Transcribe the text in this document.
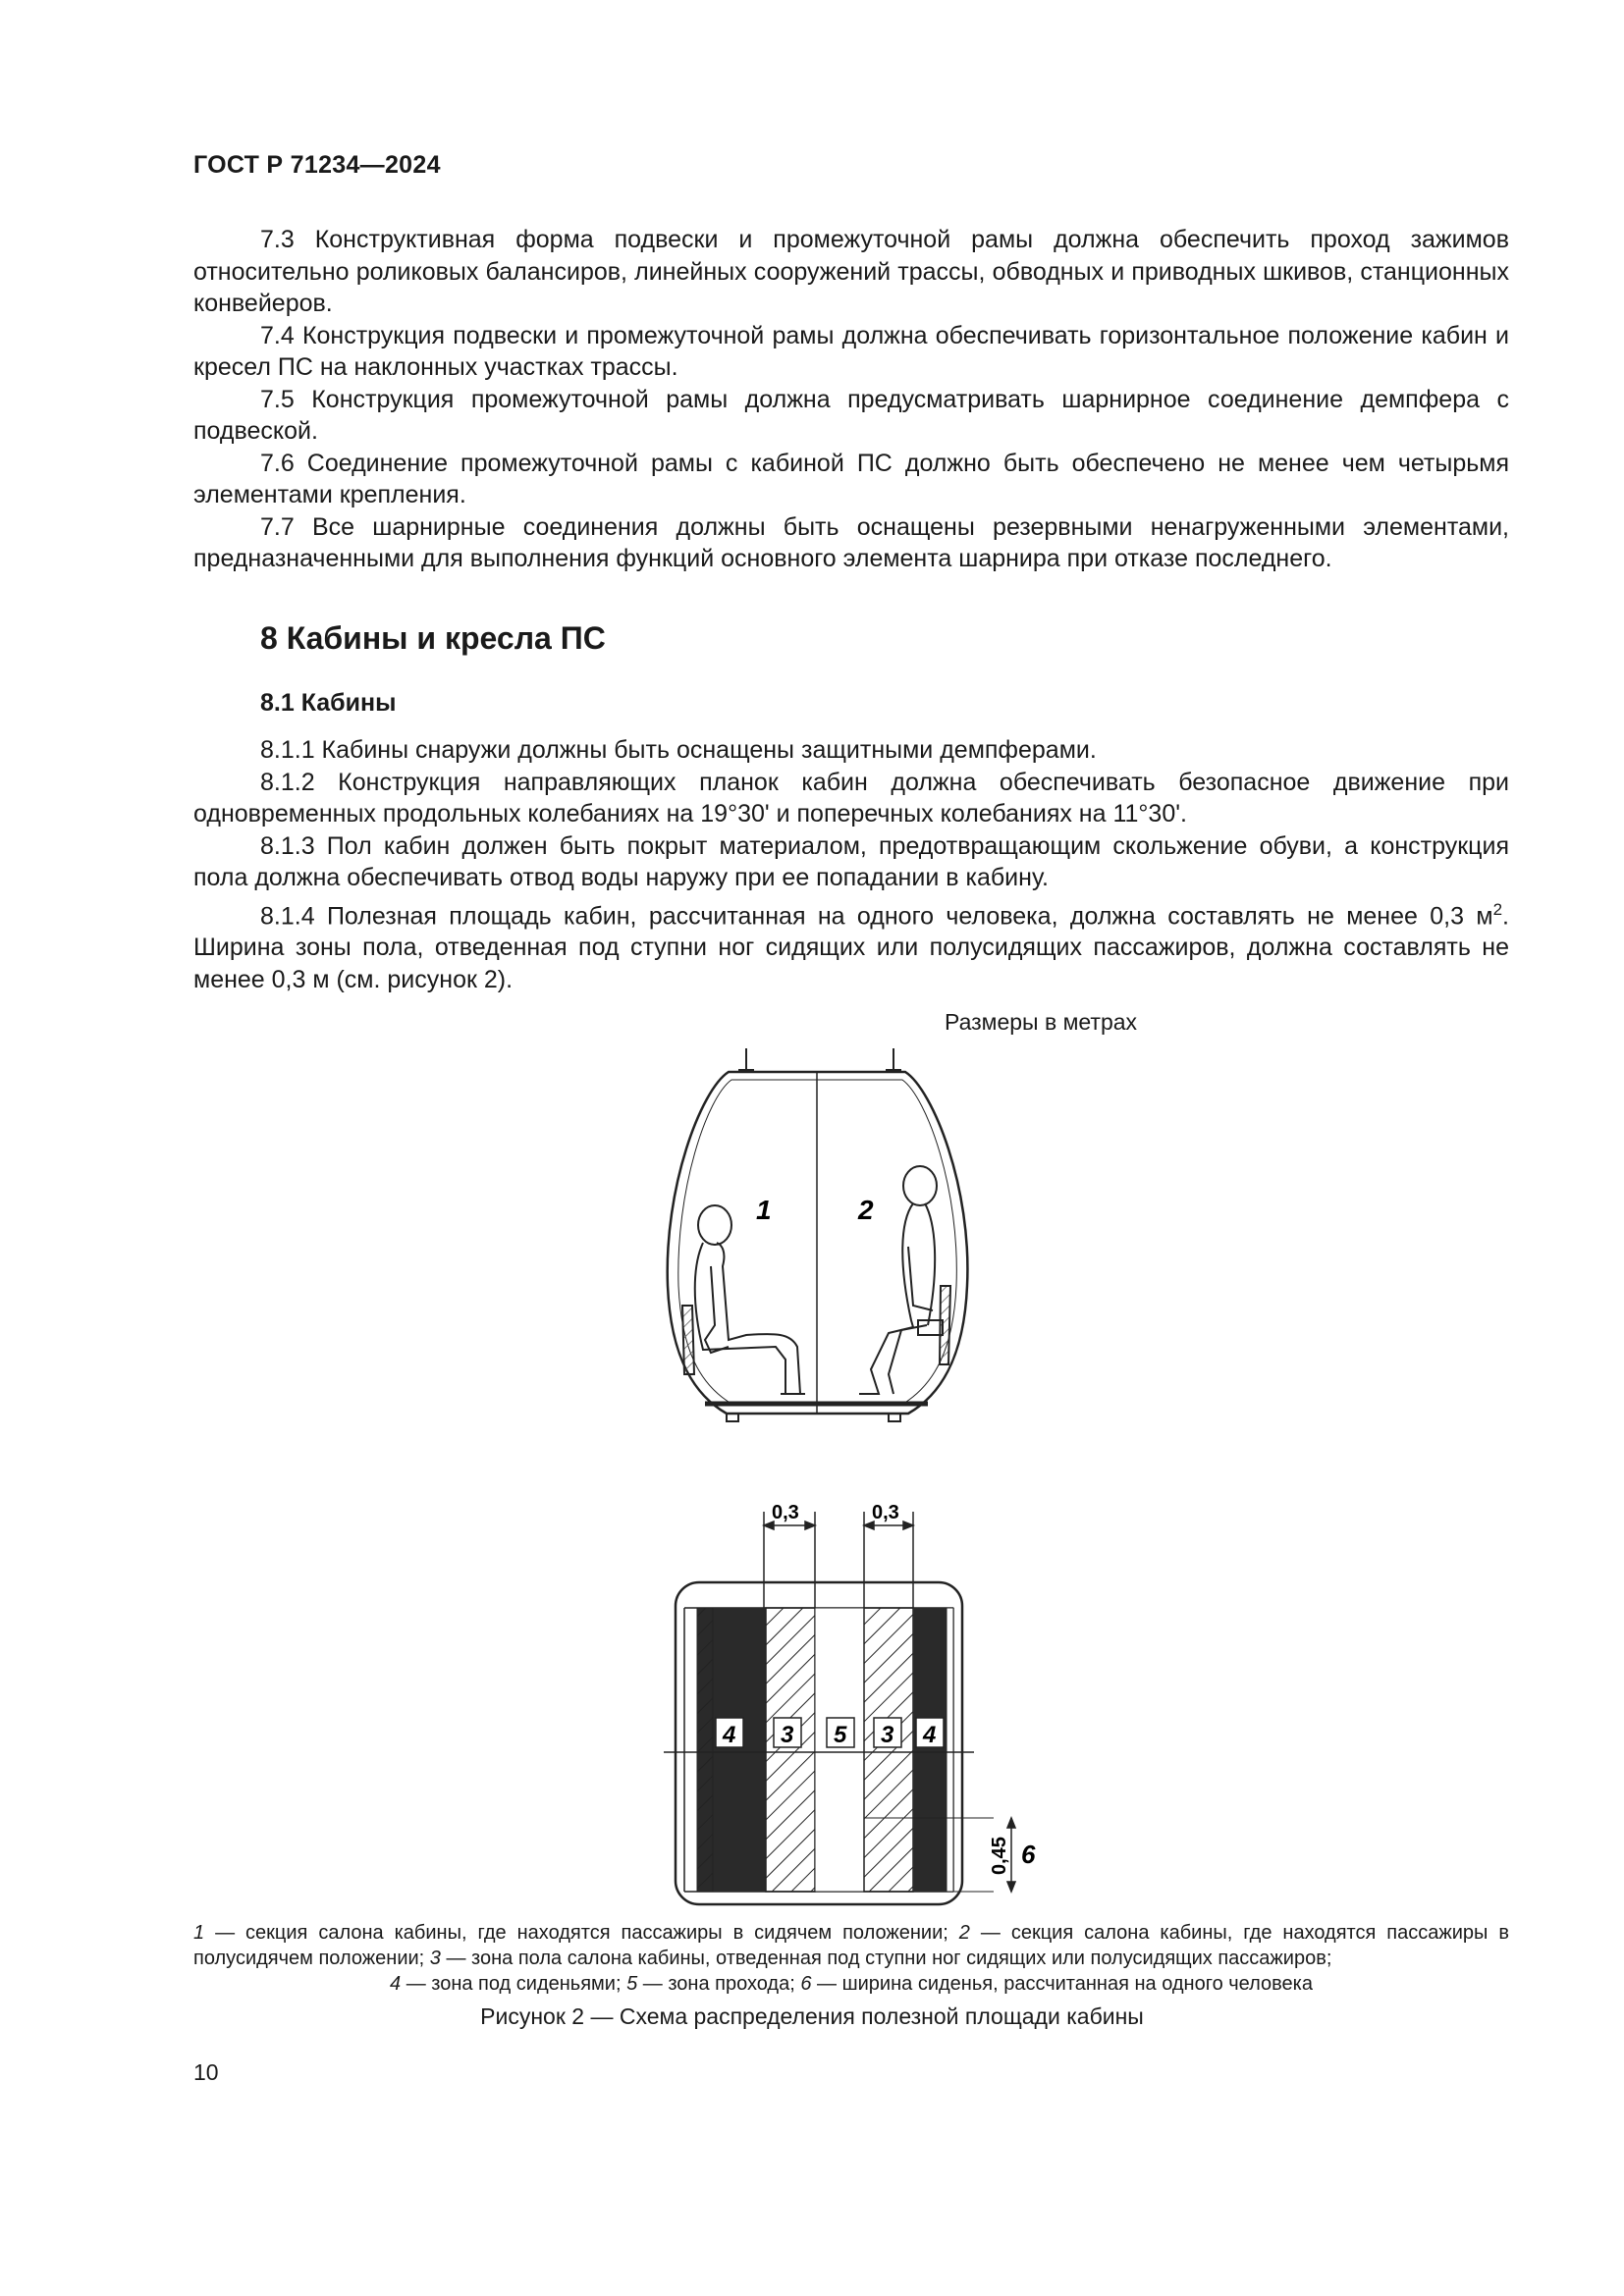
ГОСТ Р 71234—2024

7.3 Конструктивная форма подвески и промежуточной рамы должна обеспечить проход зажимов относительно роликовых балансиров, линейных сооружений трассы, обводных и приводных шкивов, станционных конвейеров.

7.4 Конструкция подвески и промежуточной рамы должна обеспечивать горизонтальное положение кабин и кресел ПС на наклонных участках трассы.

7.5 Конструкция промежуточной рамы должна предусматривать шарнирное соединение демпфера с подвеской.

7.6 Соединение промежуточной рамы с кабиной ПС должно быть обеспечено не менее чем четырьмя элементами крепления.

7.7 Все шарнирные соединения должны быть оснащены резервными ненагруженными элементами, предназначенными для выполнения функций основного элемента шарнира при отказе последнего.

8 Кабины и кресла ПС
8.1 Кабины

8.1.1 Кабины снаружи должны быть оснащены защитными демпферами.

8.1.2 Конструкция направляющих планок кабин должна обеспечивать безопасное движение при одновременных продольных колебаниях на 19°30' и поперечных колебаниях на 11°30'.

8.1.3 Пол кабин должен быть покрыт материалом, предотвращающим скольжение обуви, а конструкция пола должна обеспечивать отвод воды наружу при ее попадании в кабину.

8.1.4 Полезная площадь кабин, рассчитанная на одного человека, должна составлять не менее 0,3 $м^2$. Ширина зоны пола, отведенная под ступни ног сидящих или полусидящих пассажиров, должна составлять не менее 0,3 м (см. рисунок 2).

Размеры в метрах
1	2
4 3 5 3 4
0,3	0,3
0,45 6
1 — секция салона кабины, где находятся пассажиры в сидячем положении; 2 — секция салона кабины, где находятся пассажиры в полусидячем положении; 3 — зона пола салона кабины, отведенная под ступни ног сидящих или полусидящих пассажиров;
4 — зона под сиденьями; 5 — зона прохода; 6 — ширина сиденья, рассчитанная на одного человека
Рисунок 2 — Схема распределения полезной площади кабины
10
